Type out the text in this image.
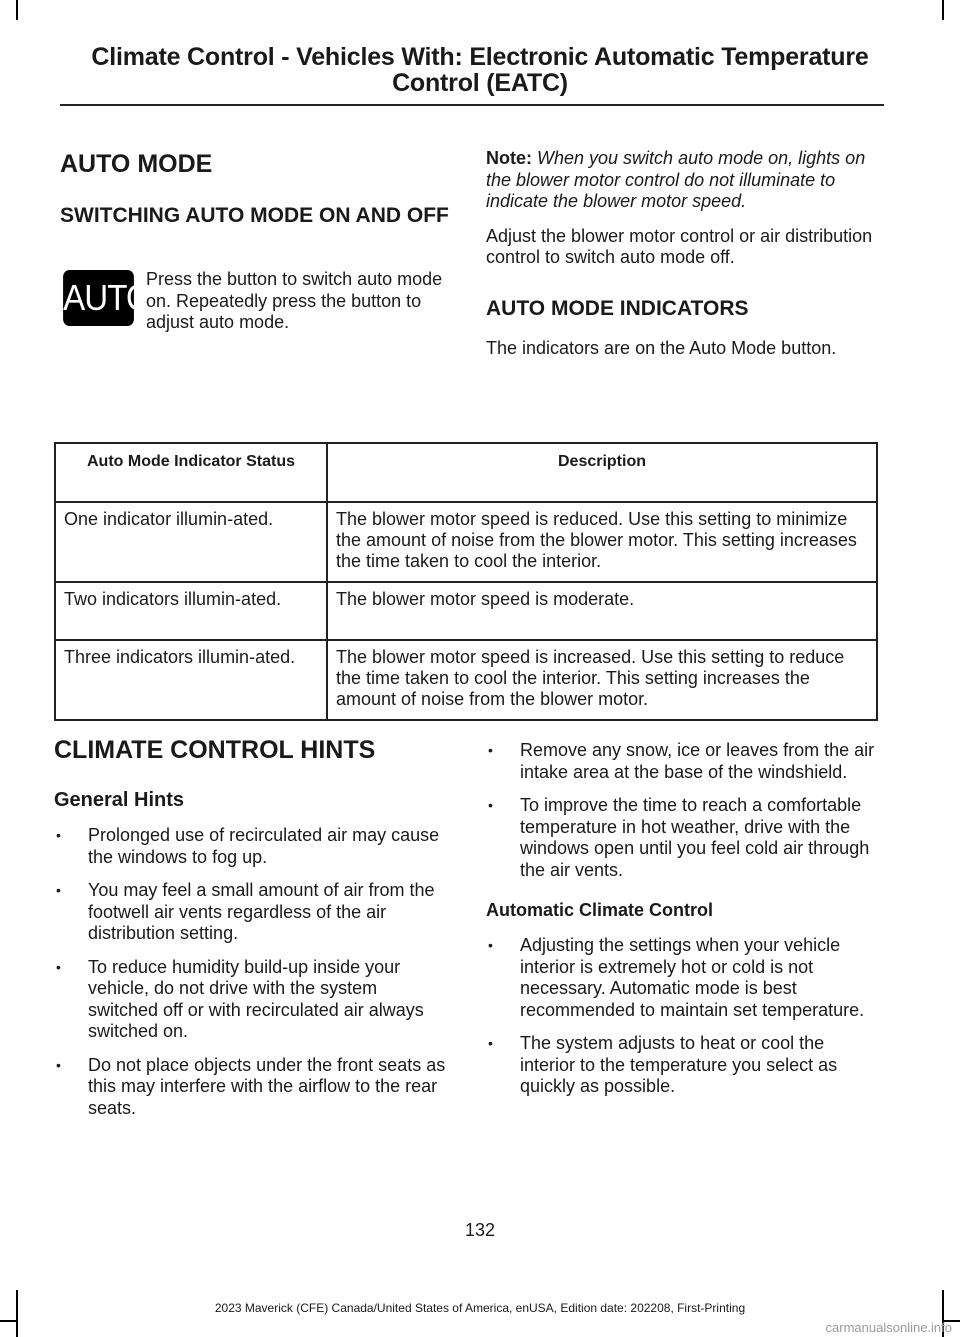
Climate Control - Vehicles With: Electronic Automatic Temperature
Control (EATC)
AUTO MODE
SWITCHING AUTO MODE ON AND OFF
AUTO

Press the button to switch auto mode on. Repeatedly press the button to adjust auto mode.

Note: When you switch auto mode on, lights on the blower motor control do not illuminate to indicate the blower motor speed.

Adjust the blower motor control or air distribution control to switch auto mode off.

AUTO MODE INDICATORS

The indicators are on the Auto Mode button.

Auto Mode Indicator Status	Description
One indicator illumin-ated.	The blower motor speed is reduced. Use this setting to minimize the amount of noise from the blower motor. This setting increases the time taken to cool the interior.
Two indicators illumin-ated.	The blower motor speed is moderate.
Three indicators illumin-ated.	The blower motor speed is increased. Use this setting to reduce the time taken to cool the interior. This setting increases the amount of noise from the blower motor.
CLIMATE CONTROL HINTS
General Hints
• Prolonged use of recirculated air may cause the windows to fog up.
• You may feel a small amount of air from the footwell air vents regardless of the air distribution setting.
• To reduce humidity build-up inside your vehicle, do not drive with the system switched off or with recirculated air always switched on.
• Do not place objects under the front seats as this may interfere with the airflow to the rear seats.
• Remove any snow, ice or leaves from the air intake area at the base of the windshield.
• To improve the time to reach a comfortable temperature in hot weather, drive with the windows open until you feel cold air through the air vents.
Automatic Climate Control
• Adjusting the settings when your vehicle interior is extremely hot or cold is not necessary. Automatic mode is best recommended to maintain set temperature.
• The system adjusts to heat or cool the interior to the temperature you select as quickly as possible.
132
2023 Maverick (CFE) Canada/United States of America, enUSA, Edition date: 202208, First-Printing
carmanualsonline.info
